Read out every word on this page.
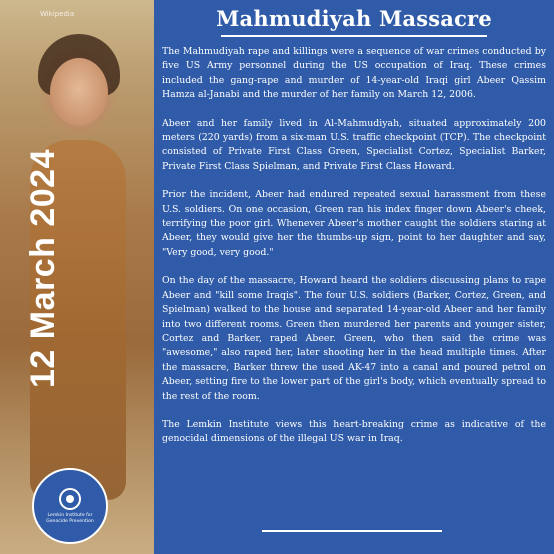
Wikipedia
12 March 2024
Lemkin Institute for
Genocide Prevention
Mahmudiyah Massacre

The Mahmudiyah rape and killings were a sequence of war crimes conducted by five US Army personnel during the US occupation of Iraq. These crimes included the gang-rape and murder of 14-year-old Iraqi girl Abeer Qassim Hamza al-Janabi and the murder of her family on March 12, 2006.

Abeer and her family lived in Al-Mahmudiyah, situated approximately 200 meters (220 yards) from a six-man U.S. traffic checkpoint (TCP). The checkpoint consisted of Private First Class Green, Specialist Cortez, Specialist Barker, Private First Class Spielman, and Private First Class Howard.

Prior the incident, Abeer had endured repeated sexual harassment from these U.S. soldiers. On one occasion, Green ran his index finger down Abeer's cheek, terrifying the poor girl. Whenever Abeer's mother caught the soldiers staring at Abeer, they would give her the thumbs-up sign, point to her daughter and say, "Very good, very good."

On the day of the massacre, Howard heard the soldiers discussing plans to rape Abeer and "kill some Iraqis". The four U.S. soldiers (Barker, Cortez, Green, and Spielman) walked to the house and separated 14-year-old Abeer and her family into two different rooms. Green then murdered her parents and younger sister, Cortez and Barker, raped Abeer. Green, who then said the crime was "awesome," also raped her, later shooting her in the head multiple times. After the massacre, Barker threw the used AK-47 into a canal and poured petrol on Abeer, setting fire to the lower part of the girl's body, which eventually spread to the rest of the room.

The Lemkin Institute views this heart-breaking crime as indicative of the genocidal dimensions of the illegal US war in Iraq.
